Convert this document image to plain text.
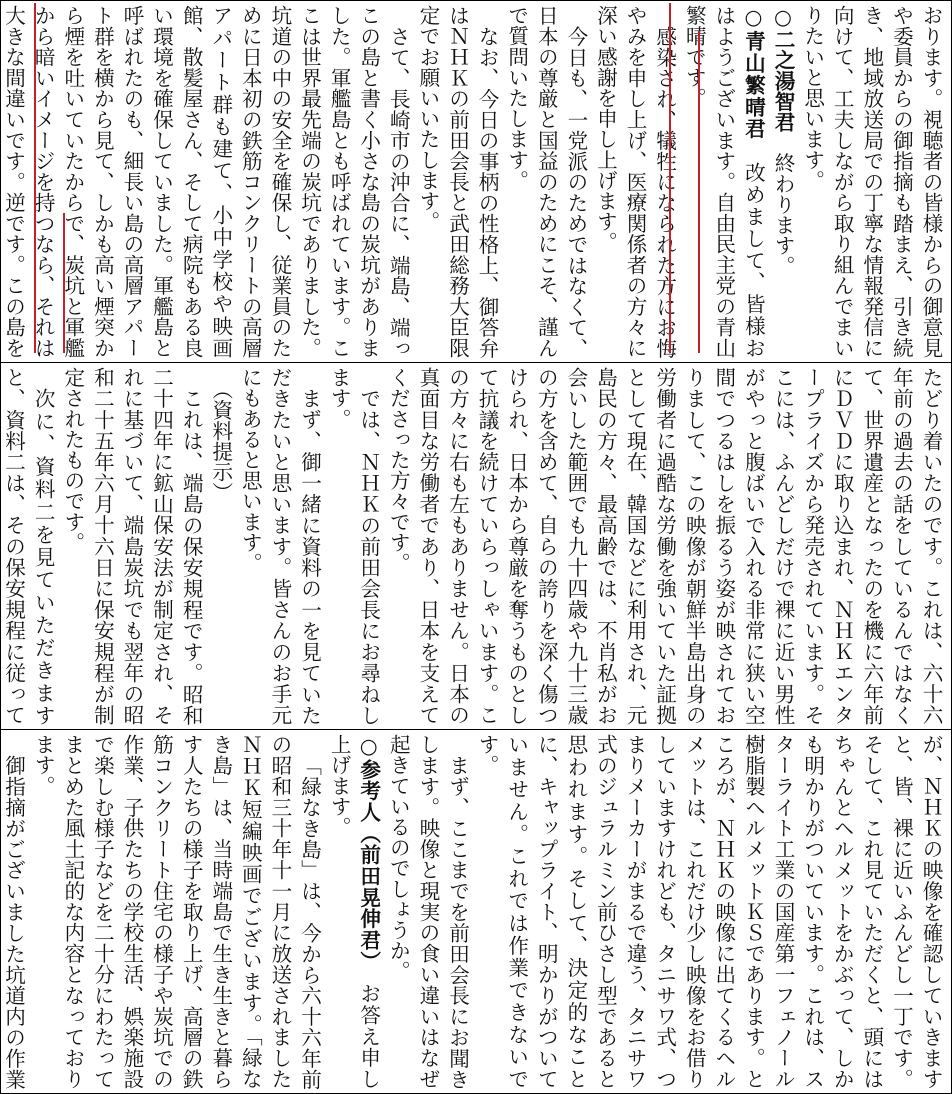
おります。視聴者の皆様からの御意見や委員からの御指摘も踏まえ、引き続き、地域放送局での丁寧な情報発信に向けて、工夫しながら取り組んでまいりたいと思います。
○二之湯智君　終わります。
○青山繁晴君　改めまして、皆様おはようございます。自由民主党の青山繁晴です。
感染され、犠牲になられた方にお悔やみを申し上げ、医療関係者の方々に深い感謝を申し上げます。
今日も、一党派のためではなくて、日本の尊厳と国益のためにこそ、謹んで質問いたします。
なお、今日の事柄の性格上、御答弁はＮＨＫの前田会長と武田総務大臣限定でお願いいたします。
さて、長崎市の沖合に、端島、端っこの島と書く小さな島の炭坑がありました。軍艦島とも呼ばれています。ここは世界最先端の炭坑でありました。坑道の中の安全を確保し、従業員のために日本初の鉄筋コンクリートの高層アパート群も建て、小中学校や映画館、散髪屋さん、そして病院もある良い環境を確保していました。軍艦島と呼ばれたのも、細長い島の高層アパート群を横から見て、しかも高い煙突から煙を吐いていたからで、炭坑と軍艦から暗いイメージを持つなら、それは大きな間違いです。逆です。この島を
たどり着いたのです。これは、六十六年前の過去の話をしているんではなくて、世界遺産となったのを機に六年前にＤＶＤに取り込まれ、ＮＨＫエンタープライズから発売されています。そこには、ふんどしだけで裸に近い男性がやっと腹ばいで入れる非常に狭い空間でつるはしを振るう姿が映されておりまして、この映像が朝鮮半島出身の労働者に過酷な労働を強いていた証拠として現在、韓国などに利用され、元島民の方々、最高齢では、不肖私がお会いした範囲でも九十四歳や九十三歳の方を含めて、自らの誇りを深く傷つけられ、日本から尊厳を奪うものとして抗議を続けていらっしゃいます。この方々に右も左もありません。日本の真面目な労働者であり、日本を支えてくださった方々です。
では、ＮＨＫの前田会長にお尋ねします。
まず、御一緒に資料の一を見ていただきたいと思います。皆さんのお手元にもあると思います。
（資料提示）
これは、端島の保安規程です。昭和二十四年に鉱山保安法が制定され、それに基づいて、端島炭坑でも翌年の昭和二十五年六月十六日に保安規程が制定されたものです。
次に、資料二を見ていただきますと、資料二は、その保安規程に従って
が、ＮＨＫの映像を確認していきますと、皆、裸に近いふんどし一丁です。そして、これ見ていただくと、頭にはちゃんとヘルメットをかぶって、しかも明かりがついています。これは、スターライト工業の国産第一フェノール樹脂製ヘルメットＫＳであります。ところが、ＮＨＫの映像に出てくるヘルメットは、これだけ少し映像をお借りしていますけれども、タニサワ式、つまりメーカーがまるで違う、タニサワ式のジュラルミン前ひさし型であると思われます。そして、決定的なことに、キャップライト、明かりがついていません。これでは作業できないです。
まず、ここまでを前田会長にお聞きします。映像と現実の食い違いはなぜ起きているのでしょうか。
○参考人（前田晃伸君）　お答え申し上げます。
「緑なき島」は、今から六十六年前の昭和三十年十一月に放送されましたＮＨＫ短編映画でございます。「緑なき島」は、当時端島で生き生きと暮らす人たちの様子を取り上げ、高層の鉄筋コンクリート住宅の様子や炭坑での作業、子供たちの学校生活、娯楽施設で楽しむ様子などを二十分にわたってまとめた風土記的な内容となっております。
御指摘がございました坑道内の作業
